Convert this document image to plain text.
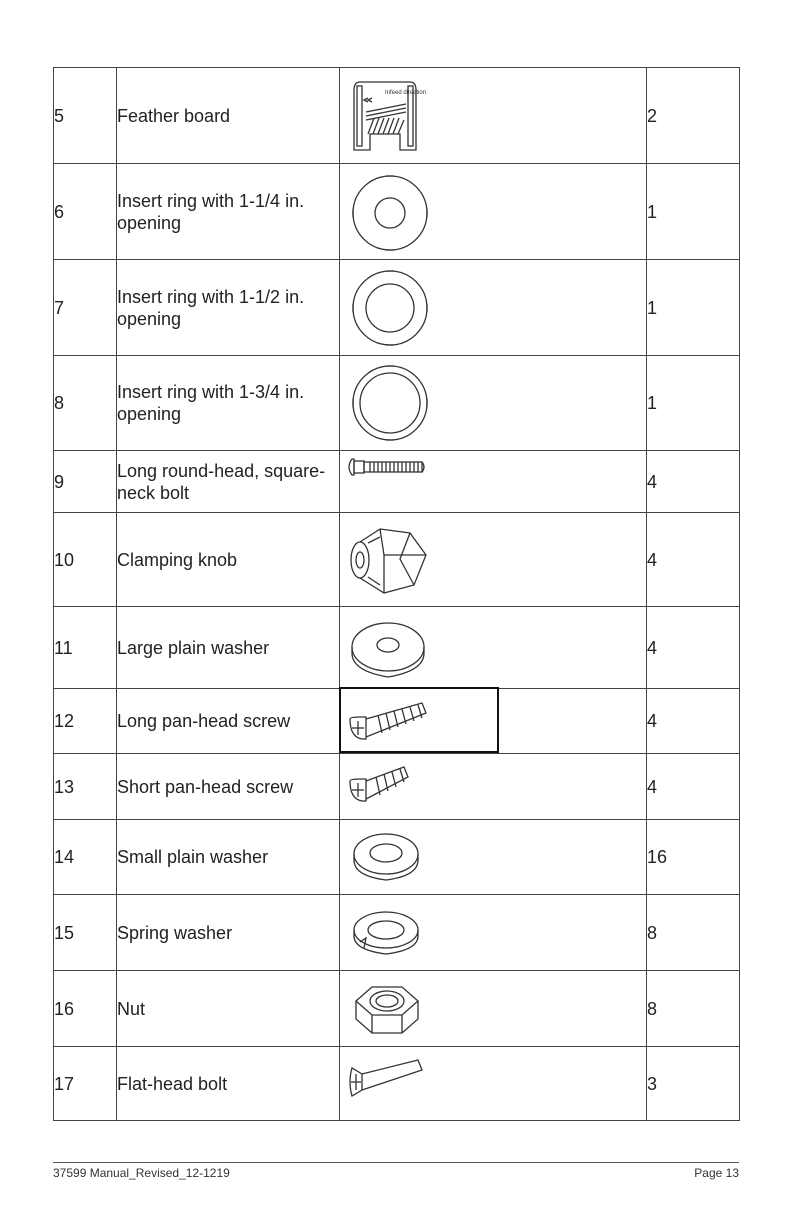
5	Feather board	Infeed direction	2
6	Insert ring with 1-1/4 in. opening		1
7	Insert ring with 1-1/2 in. opening		1
8	Insert ring with 1-3/4 in. opening		1
9	Long round-head, square-neck bolt		4
10	Clamping knob		4
11	Large plain washer		4
12	Long pan-head screw		4
13	Short pan-head screw		4
14	Small plain washer		16
15	Spring washer		8
16	Nut		8
17	Flat-head bolt		3
37599 Manual_Revised_12-1219	Page 13
